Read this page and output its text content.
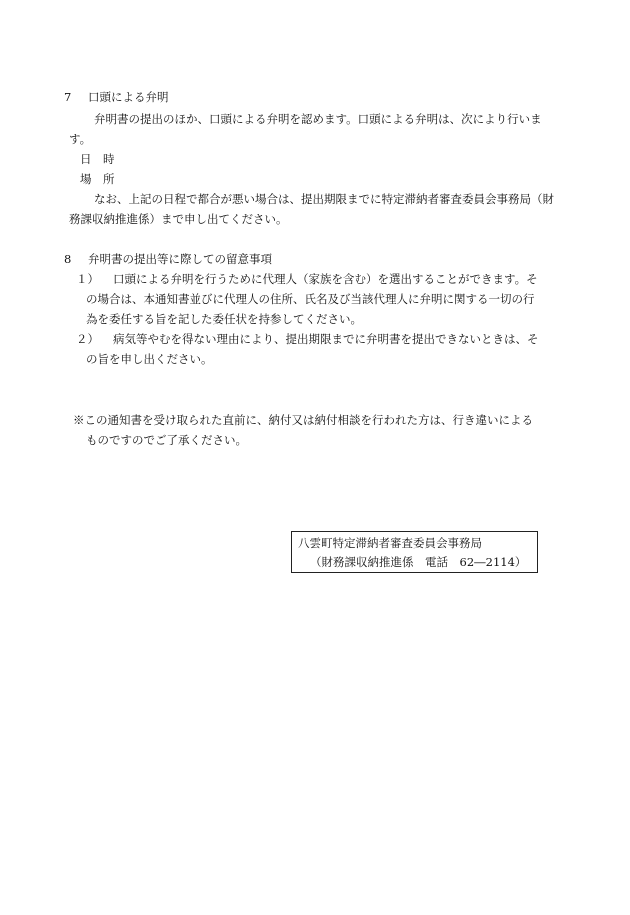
7 口頭による弁明
弁明書の提出のほか、口頭による弁明を認めます。口頭による弁明は、次により行いま
す。
日　時
場　所
なお、上記の日程で都合が悪い場合は、提出期限までに特定滞納者審査委員会事務局（財
務課収納推進係）まで申し出てください。
8 弁明書の提出等に際しての留意事項
１） 口頭による弁明を行うために代理人（家族を含む）を選出することができます。そ
の場合は、本通知書並びに代理人の住所、氏名及び当該代理人に弁明に関する一切の行
為を委任する旨を記した委任状を持参してください。
２） 病気等やむを得ない理由により、提出期限までに弁明書を提出できないときは、そ
の旨を申し出ください。
※この通知書を受け取られた直前に、納付又は納付相談を行われた方は、行き違いによる
ものですのでご了承ください。
八雲町特定滞納者審査委員会事務局
（財務課収納推進係　電話　62―2114）
